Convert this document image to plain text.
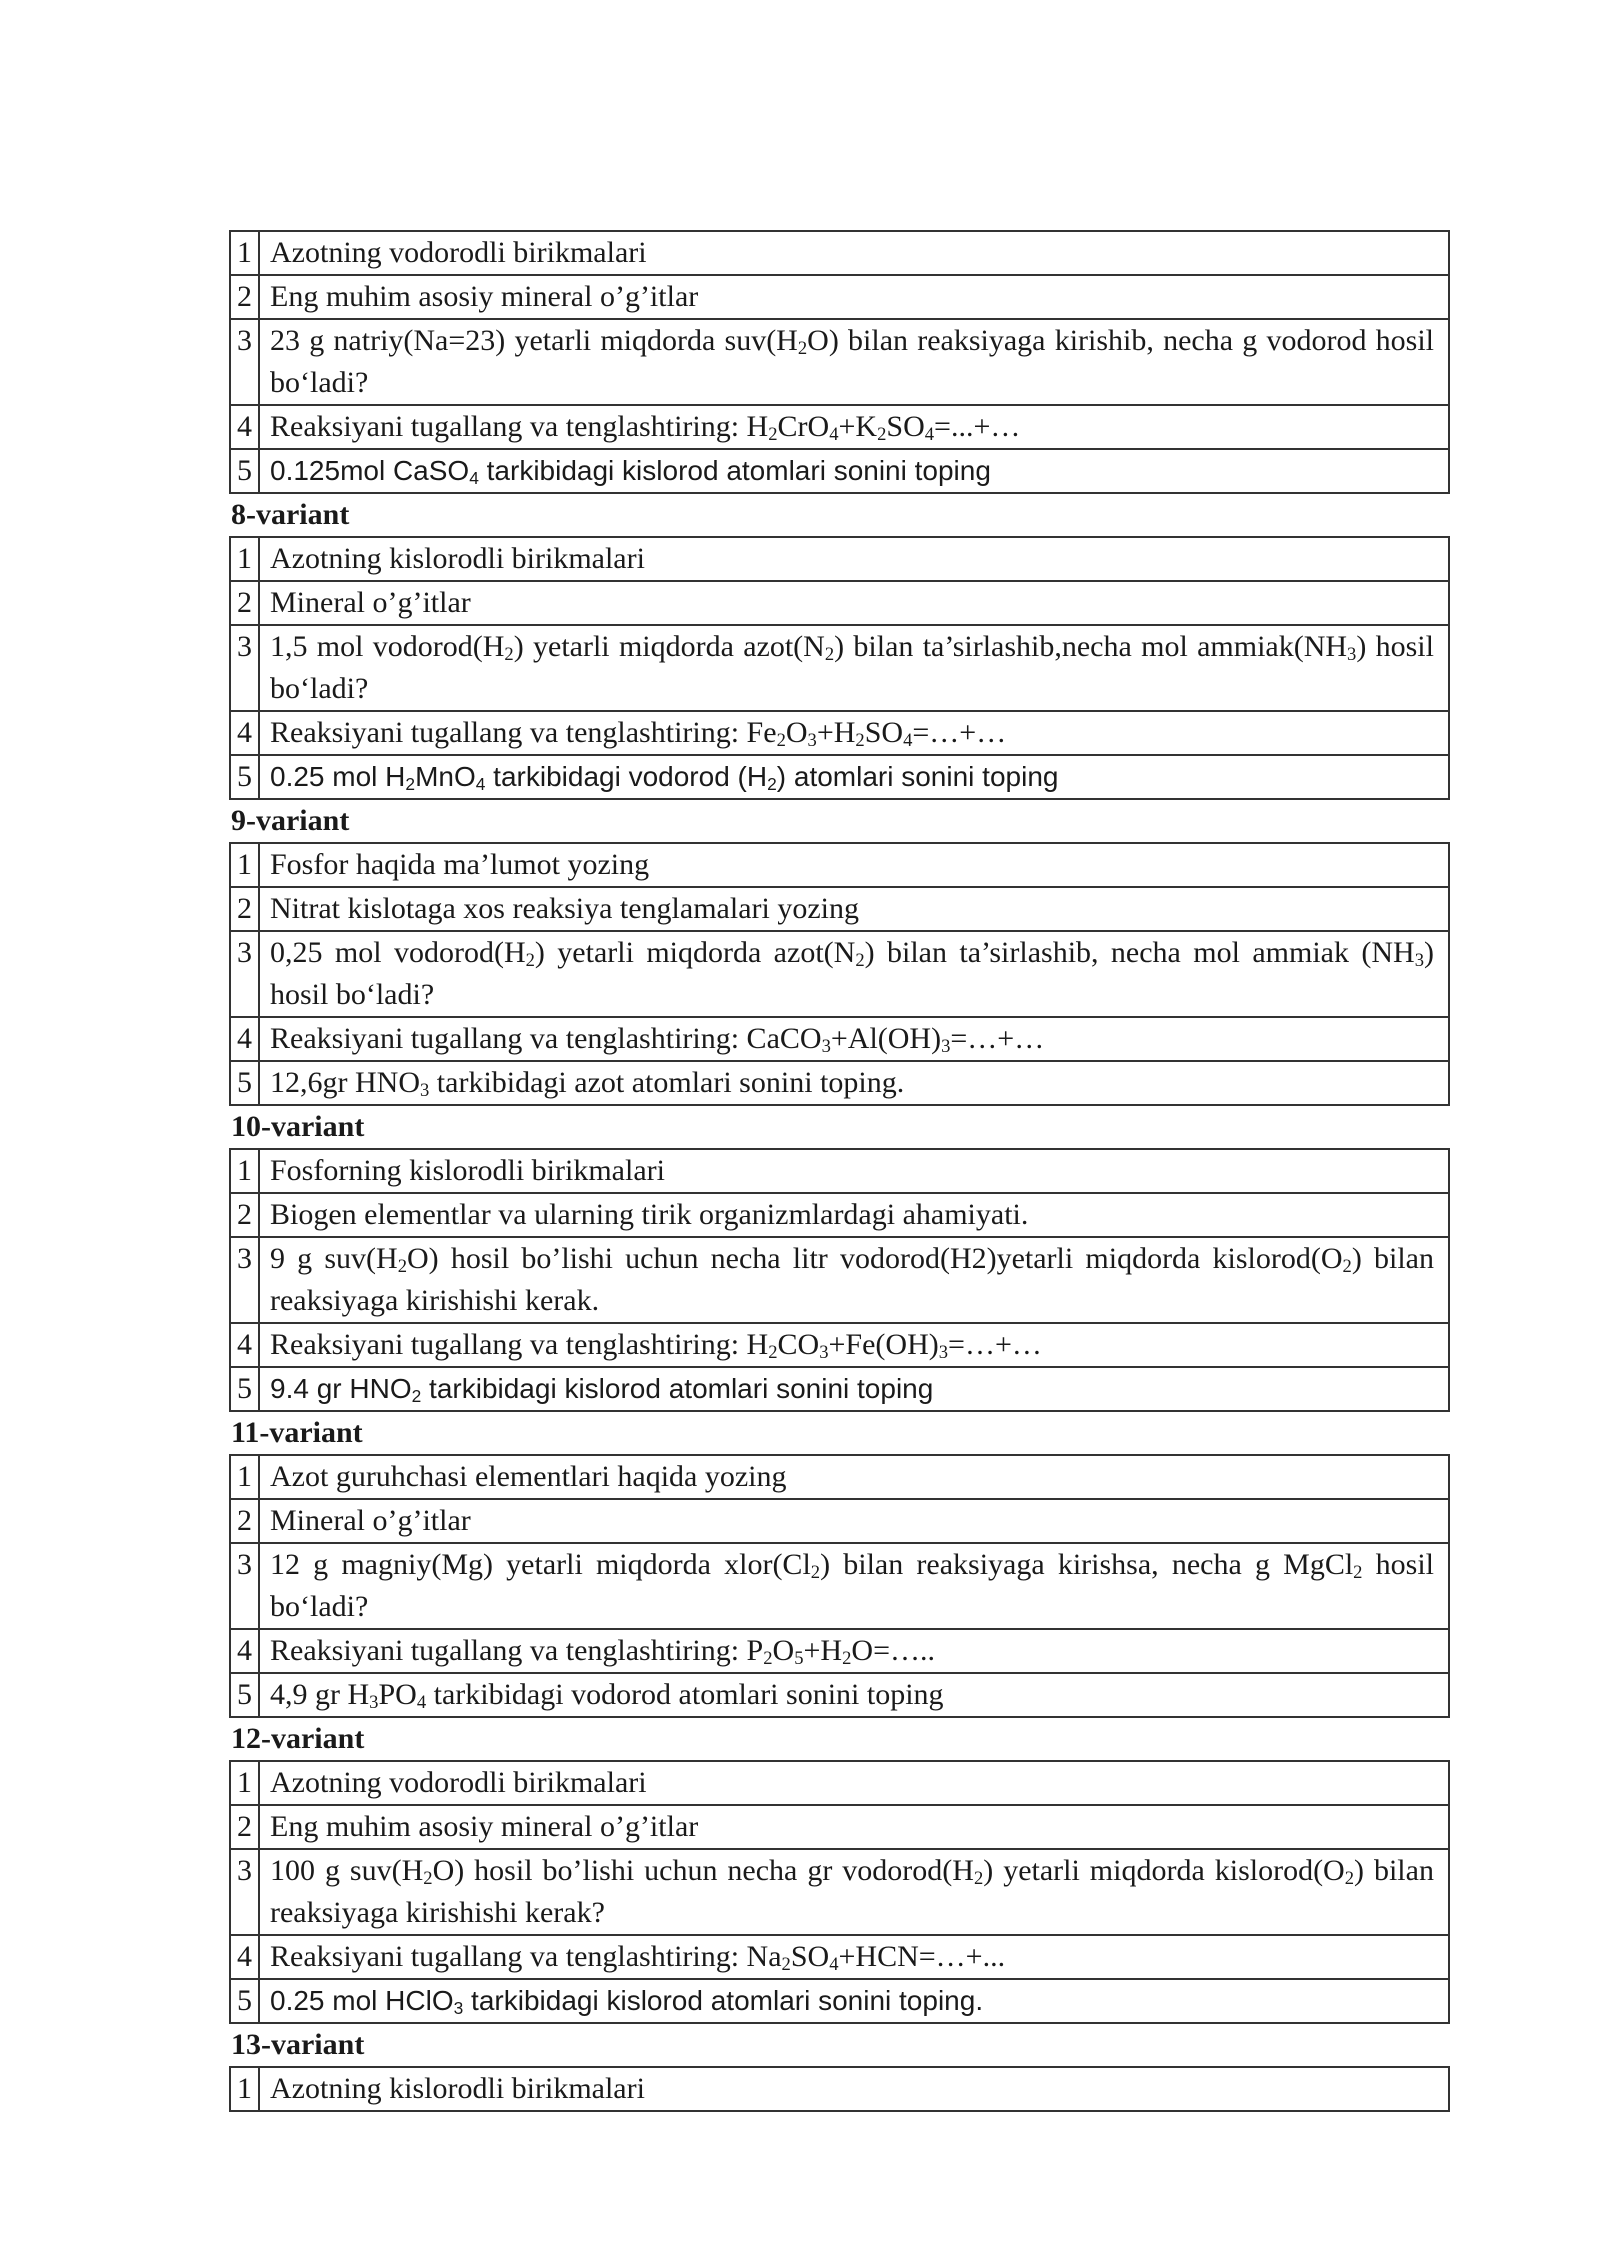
1	Azotning vodorodli birikmalari
2	Eng muhim asosiy mineral o’g’itlar
3	23 g natriy(Na=23) yetarli miqdorda $suv(H_2O)$ bilan reaksiyaga kirishib, necha g vodorod hosil bo‘ladi?
4	Reaksiyani tugallang va tenglashtiring: $H_2CrO_4+K_2SO_4=...+\dots$
5	0.125mol CaSO$_4$ tarkibidagi kislorod atomlari sonini toping
8-variant
1	Azotning kislorodli birikmalari
2	Mineral o’g’itlar
3	1,5 mol $vodorod(H_2)$ yetarli miqdorda $azot(N_2)$ bilan ta’sirlashib,necha mol $ammiak(NH_3)$ hosil bo‘ladi?
4	Reaksiyani tugallang va tenglashtiring: $Fe_2O_3+H_2SO_4=\dots+\dots$
5	0.25 mol $H_2MnO_4$ tarkibidagi vodorod $(H_2)$ atomlari sonini toping
9-variant
1	Fosfor haqida ma’lumot yozing
2	Nitrat kislotaga xos reaksiya tenglamalari yozing
3	0,25 mol $vodorod(H_2)$ yetarli miqdorda $azot(N_2)$ bilan ta’sirlashib, necha mol ammiak $(NH_3)$ hosil bo‘ladi?
4	Reaksiyani tugallang va tenglashtiring: $CaCO_3+Al(OH)_3=\dots+\dots$
5	12,6gr $HNO_3$ tarkibidagi azot atomlari sonini toping.
10-variant
1	Fosforning kislorodli birikmalari
2	Biogen elementlar va ularning tirik organizmlardagi ahamiyati.
3	9 g $suv(H_2O)$ hosil bo’lishi uchun necha litr vodorod(H2)yetarli miqdorda $kislorod(O_2)$ bilan reaksiyaga kirishishi kerak.
4	Reaksiyani tugallang va tenglashtiring: $H_2CO_3+Fe(OH)_3=\dots+\dots$
5	9.4 gr $HNO_2$ tarkibidagi kislorod atomlari sonini toping
11-variant
1	Azot guruhchasi elementlari haqida yozing
2	Mineral o’g’itlar
3	12 g magniy(Mg) yetarli miqdorda $xlor(Cl_2)$ bilan reaksiyaga kirishsa, necha g MgCl$_2$ hosil bo‘ladi?
4	Reaksiyani tugallang va tenglashtiring: $P_2O_5+H_2O=\dots$..
5	4,9 gr $H_3PO_4$ tarkibidagi vodorod atomlari sonini toping
12-variant
1	Azotning vodorodli birikmalari
2	Eng muhim asosiy mineral o’g’itlar
3	100 g $suv(H_2O)$ hosil bo’lishi uchun necha gr $vodorod(H_2)$ yetarli miqdorda $kislorod(O_2)$ bilan reaksiyaga kirishishi kerak?
4	Reaksiyani tugallang va tenglashtiring: $Na_2SO_4+HCN=\dots+$...
5	0.25 mol HClO$_3$ tarkibidagi kislorod atomlari sonini toping.
13-variant
1	Azotning kislorodli birikmalari
